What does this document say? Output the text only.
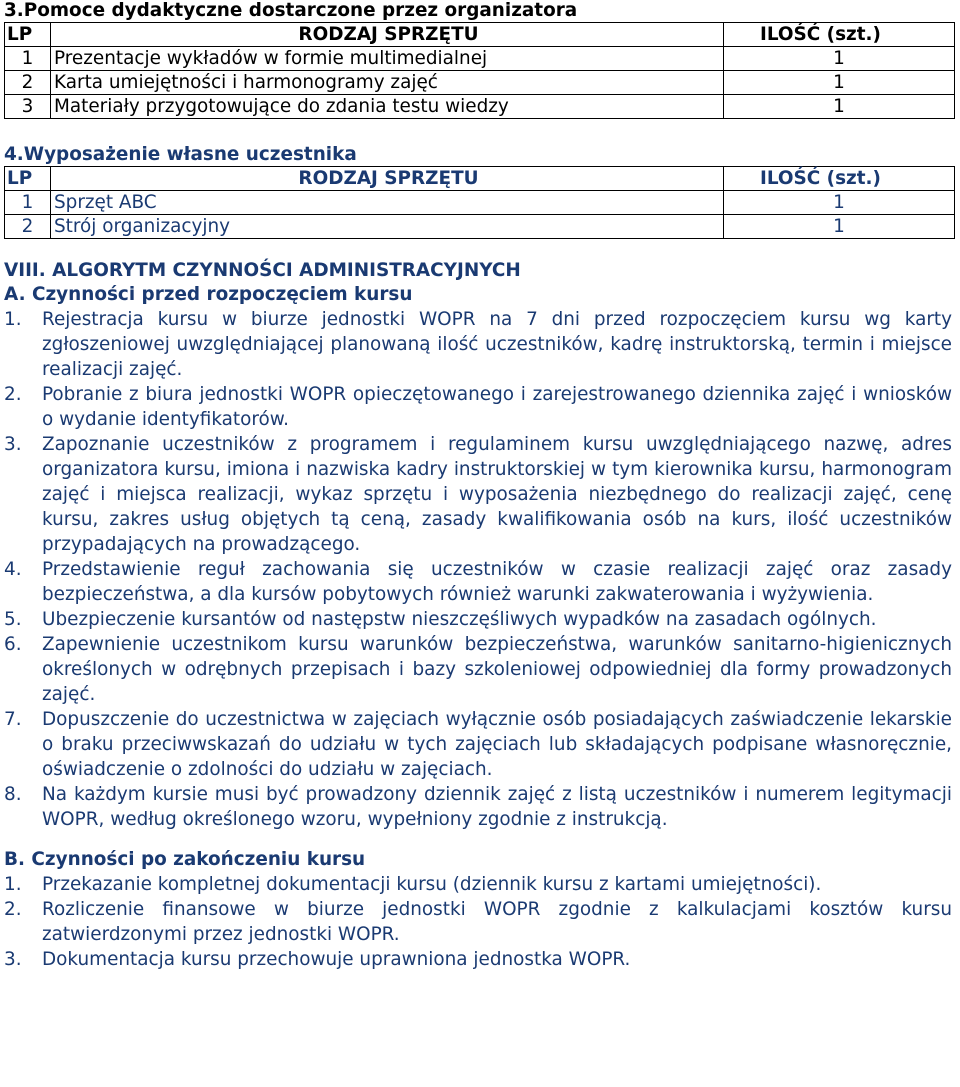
3.Pomoce dydaktyczne dostarczone przez organizatora
LP	RODZAJ SPRZĘTU	ILOŚĆ (szt.)
1	Prezentacje wykładów w formie multimedialnej	1
2	Karta umiejętności i harmonogramy zajęć	1
3	Materiały przygotowujące do zdania testu wiedzy	1
4.Wyposażenie własne uczestnika
LP	RODZAJ SPRZĘTU	ILOŚĆ (szt.)
1	Sprzęt ABC	1
2	Strój organizacyjny	1
VIII. ALGORYTM CZYNNOŚCI ADMINISTRACYJNYCH
A. Czynności przed rozpoczęciem kursu
1. Rejestracja kursu w biurze jednostki WOPR na 7 dni przed rozpoczęciem kursu wg karty zgłoszeniowej uwzględniającej planowaną ilość uczestników, kadrę instruktorską, termin i miejsce realizacji zajęć.
2. Pobranie z biura jednostki WOPR opieczętowanego i zarejestrowanego dziennika zajęć i wniosków o wydanie identyfikatorów.
3. Zapoznanie uczestników z programem i regulaminem kursu uwzględniającego nazwę, adres organizatora kursu, imiona i nazwiska kadry instruktorskiej w tym kierownika kursu, harmonogram zajęć i miejsca realizacji, wykaz sprzętu i wyposażenia niezbędnego do realizacji zajęć, cenę kursu, zakres usług objętych tą ceną, zasady kwalifikowania osób na kurs, ilość uczestników przypadających na prowadzącego.
4. Przedstawienie reguł zachowania się uczestników w czasie realizacji zajęć oraz zasady bezpieczeństwa, a dla kursów pobytowych również warunki zakwaterowania i wyżywienia.
5. Ubezpieczenie kursantów od następstw nieszczęśliwych wypadków na zasadach ogólnych.
6. Zapewnienie uczestnikom kursu warunków bezpieczeństwa, warunków sanitarno-higienicznych określonych w odrębnych przepisach i bazy szkoleniowej odpowiedniej dla formy prowadzonych zajęć.
7. Dopuszczenie do uczestnictwa w zajęciach wyłącznie osób posiadających zaświadczenie lekarskie o braku przeciwwskazań do udziału w tych zajęciach lub składających podpisane własnoręcznie, oświadczenie o zdolności do udziału w zajęciach.
8. Na każdym kursie musi być prowadzony dziennik zajęć z listą uczestników i numerem legitymacji WOPR, według określonego wzoru, wypełniony zgodnie z instrukcją.
B. Czynności po zakończeniu kursu
1. Przekazanie kompletnej dokumentacji kursu (dziennik kursu z kartami umiejętności).
2. Rozliczenie finansowe w biurze jednostki WOPR zgodnie z kalkulacjami kosztów kursu zatwierdzonymi przez jednostki WOPR.
3. Dokumentacja kursu przechowuje uprawniona jednostka WOPR.
